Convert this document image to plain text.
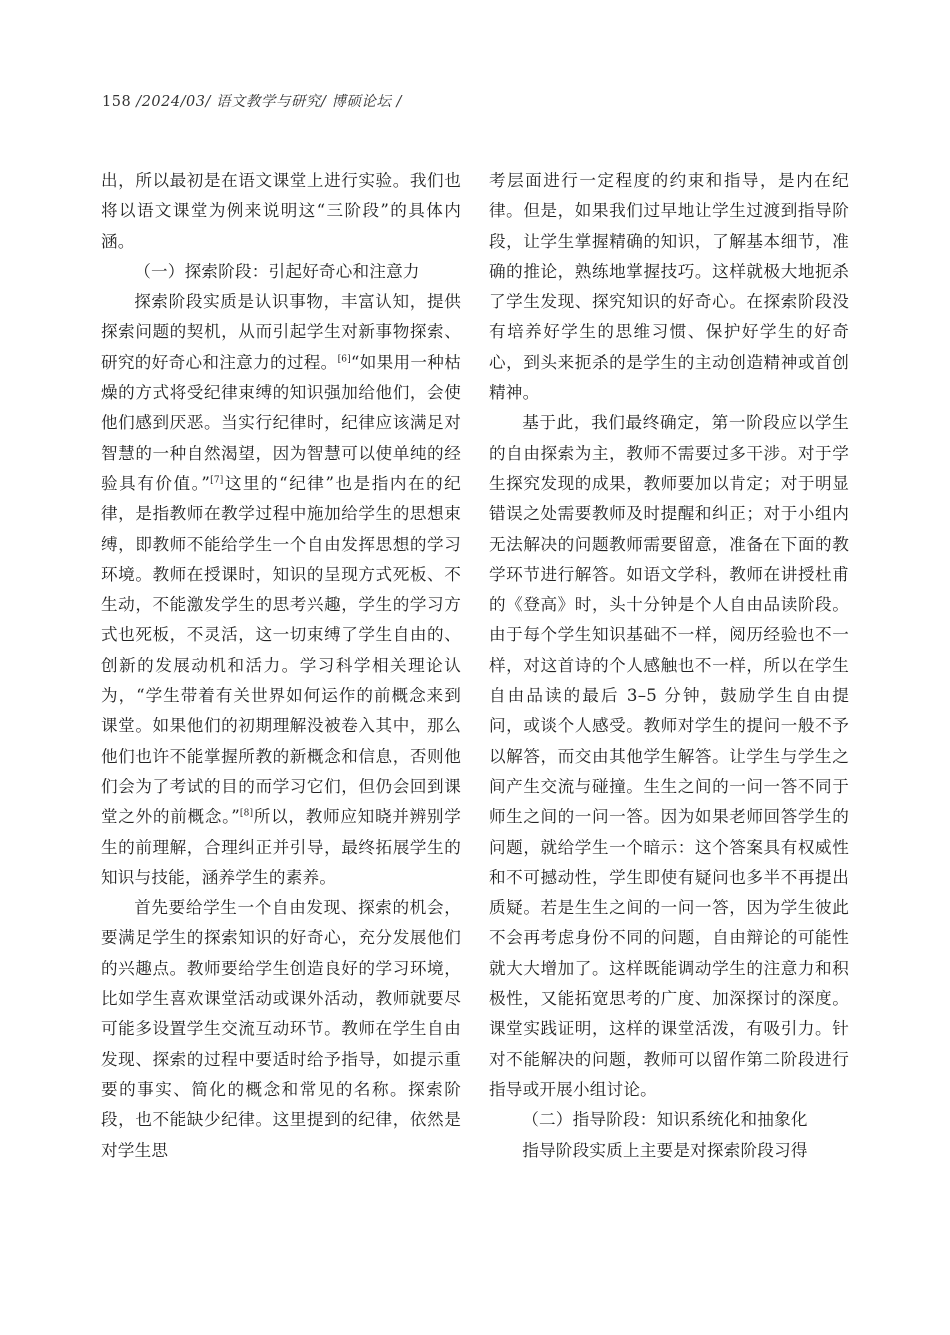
158 /2024/03/ 语文教学与研究/ 博硕论坛 /

出，所以最初是在语文课堂上进行实验。我们也将以语文课堂为例来说明这“三阶段”的具体内涵。

（一）探索阶段：引起好奇心和注意力

探索阶段实质是认识事物，丰富认知，提供探索问题的契机，从而引起学生对新事物探索、研究的好奇心和注意力的过程。[6]“如果用一种枯燥的方式将受纪律束缚的知识强加给他们，会使他们感到厌恶。当实行纪律时，纪律应该满足对智慧的一种自然渴望，因为智慧可以使单纯的经验具有价值。”[7]这里的“纪律”也是指内在的纪律，是指教师在教学过程中施加给学生的思想束缚，即教师不能给学生一个自由发挥思想的学习环境。教师在授课时，知识的呈现方式死板、不生动，不能激发学生的思考兴趣，学生的学习方式也死板，不灵活，这一切束缚了学生自由的、创新的发展动机和活力。学习科学相关理论认为，“学生带着有关世界如何运作的前概念来到课堂。如果他们的初期理解没被卷入其中，那么他们也许不能掌握所教的新概念和信息，否则他们会为了考试的目的而学习它们，但仍会回到课堂之外的前概念。”[8]所以，教师应知晓并辨别学生的前理解，合理纠正并引导，最终拓展学生的知识与技能，涵养学生的素养。

首先要给学生一个自由发现、探索的机会，要满足学生的探索知识的好奇心，充分发展他们的兴趣点。教师要给学生创造良好的学习环境，比如学生喜欢课堂活动或课外活动，教师就要尽可能多设置学生交流互动环节。教师在学生自由发现、探索的过程中要适时给予指导，如提示重要的事实、简化的概念和常见的名称。探索阶段，也不能缺少纪律。这里提到的纪律，依然是对学生思

考层面进行一定程度的约束和指导，是内在纪律。但是，如果我们过早地让学生过渡到指导阶段，让学生掌握精确的知识，了解基本细节，准确的推论，熟练地掌握技巧。这样就极大地扼杀了学生发现、探究知识的好奇心。在探索阶段没有培养好学生的思维习惯、保护好学生的好奇心，到头来扼杀的是学生的主动创造精神或首创精神。

基于此，我们最终确定，第一阶段应以学生的自由探索为主，教师不需要过多干涉。对于学生探究发现的成果，教师要加以肯定；对于明显错误之处需要教师及时提醒和纠正；对于小组内无法解决的问题教师需要留意，准备在下面的教学环节进行解答。如语文学科，教师在讲授杜甫的《登高》时，头十分钟是个人自由品读阶段。由于每个学生知识基础不一样，阅历经验也不一样，对这首诗的个人感触也不一样，所以在学生自由品读的最后 3–5 分钟，鼓励学生自由提问，或谈个人感受。教师对学生的提问一般不予以解答，而交由其他学生解答。让学生与学生之间产生交流与碰撞。生生之间的一问一答不同于师生之间的一问一答。因为如果老师回答学生的问题，就给学生一个暗示：这个答案具有权威性和不可撼动性，学生即使有疑问也多半不再提出质疑。若是生生之间的一问一答，因为学生彼此不会再考虑身份不同的问题，自由辩论的可能性就大大增加了。这样既能调动学生的注意力和积极性，又能拓宽思考的广度、加深探讨的深度。课堂实践证明，这样的课堂活泼，有吸引力。针对不能解决的问题，教师可以留作第二阶段进行指导或开展小组讨论。

（二）指导阶段：知识系统化和抽象化

指导阶段实质上主要是对探索阶段习得
